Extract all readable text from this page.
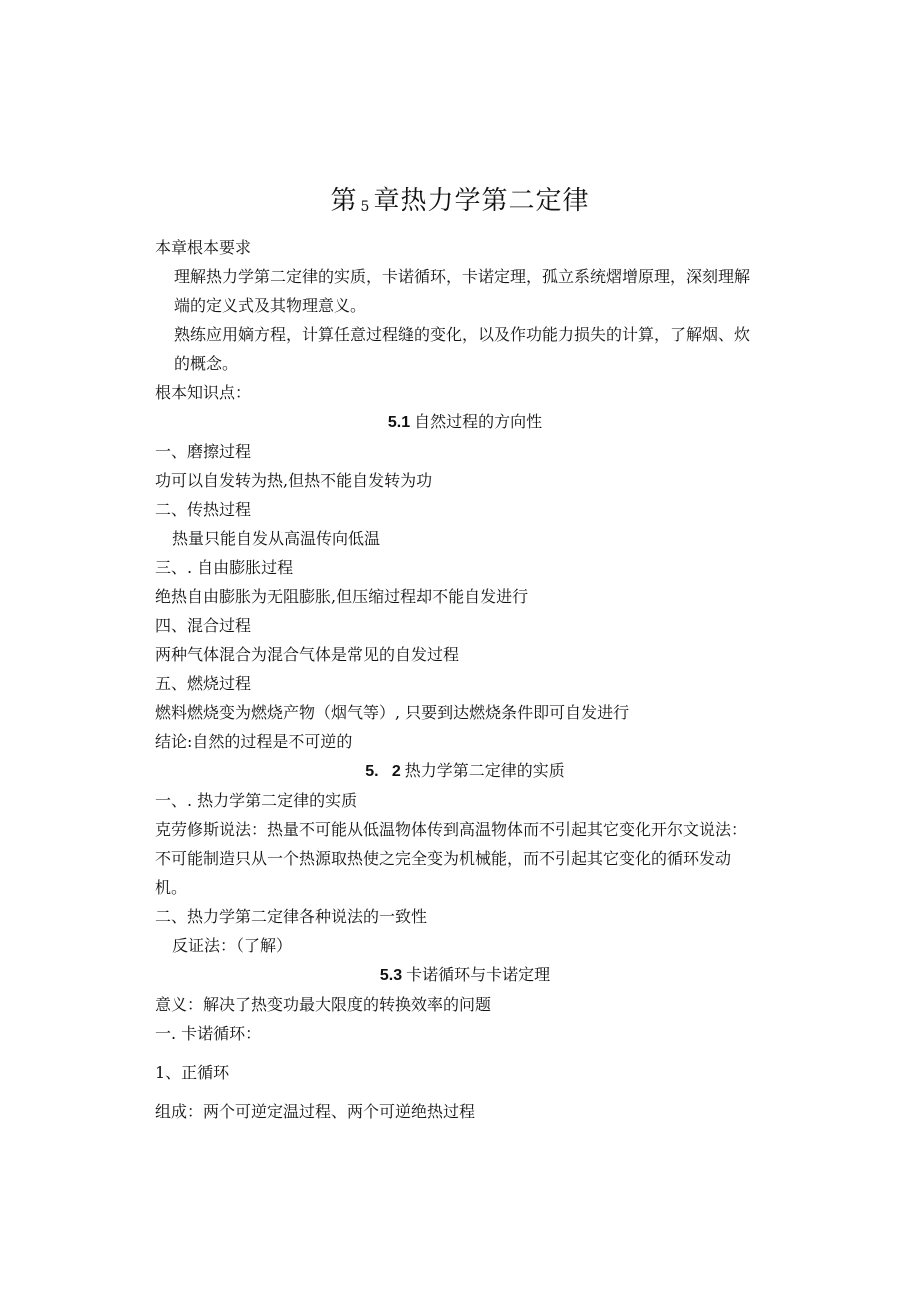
第 5 章热力学第二定律
本章根本要求
理解热力学第二定律的实质，卡诺循环，卡诺定理，孤立系统熠增原理，深刻理解端的定义式及其物理意义。
熟练应用嫡方程，计算任意过程缝的变化，以及作功能力损失的计算，了解烟、炊的概念。
根本知识点：
5.1 自然过程的方向性
一、磨擦过程
功可以自发转为热,但热不能自发转为功
二、传热过程
热量只能自发从高温传向低温
三、. 自由膨胀过程
绝热自由膨胀为无阻膨胀,但压缩过程却不能自发进行
四、混合过程
两种气体混合为混合气体是常见的自发过程
五、燃烧过程
燃料燃烧变为燃烧产物（烟气等）, 只要到达燃烧条件即可自发进行
结论:自然的过程是不可逆的
5.   2 热力学第二定律的实质
一、. 热力学第二定律的实质
克劳修斯说法：热量不可能从低温物体传到高温物体而不引起其它变化开尔文说法：不可能制造只从一个热源取热使之完全变为机械能，而不引起其它变化的循环发动机。
二、热力学第二定律各种说法的一致性
反证法：（了解）
5.3 卡诺循环与卡诺定理
意义：解决了热变功最大限度的转换效率的问题
一. 卡诺循环：
1、正循环
组成：两个可逆定温过程、两个可逆绝热过程
